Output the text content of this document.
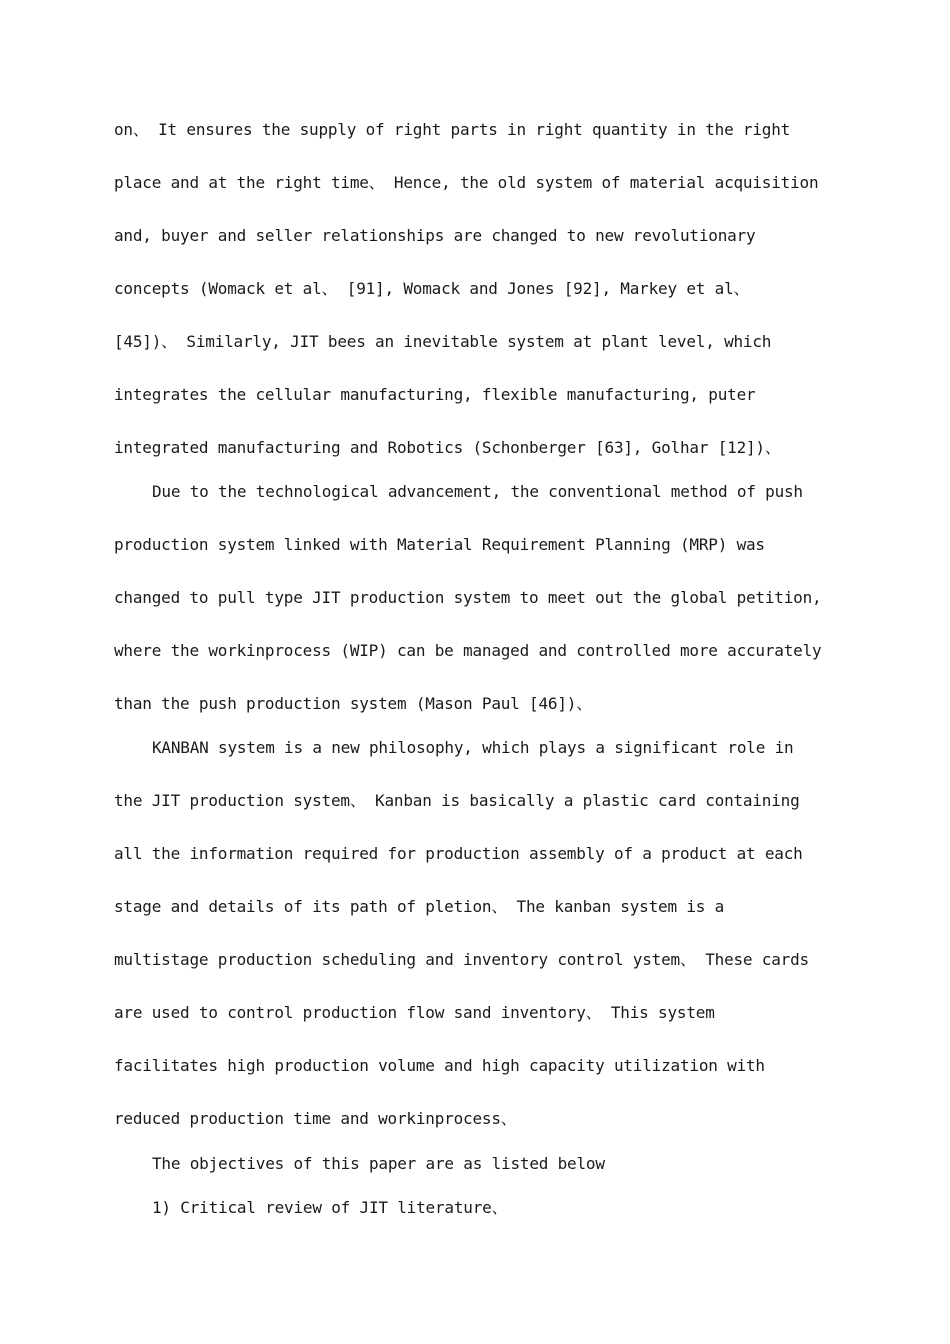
on、 It ensures the supply of right parts in right quantity in the right
place and at the right time、 Hence, the old system of material acquisition
and, buyer and seller relationships are changed to new revolutionary
concepts (Womack et al、 [91], Womack and Jones [92], Markey et al、
[45])、 Similarly, JIT bees an inevitable system at plant level, which
integrates the cellular manufacturing, flexible manufacturing, puter
integrated manufacturing and Robotics (Schonberger [63], Golhar [12])、
Due to the technological advancement, the conventional method of push
production system linked with Material Requirement Planning (MRP) was
changed to pull type JIT production system to meet out the global petition,
where the workinprocess (WIP) can be managed and controlled more accurately
than the push production system (Mason Paul [46])、
KANBAN system is a new philosophy, which plays a significant role in
the JIT production system、 Kanban is basically a plastic card containing
all the information required for production assembly of a product at each
stage and details of its path of pletion、 The kanban system is a
multistage production scheduling and inventory control ystem、 These cards
are used to control production flow sand inventory、 This system
facilitates high production volume and high capacity utilization with
reduced production time and workinprocess、
The objectives of this paper are as listed below
1) Critical review of JIT literature、
